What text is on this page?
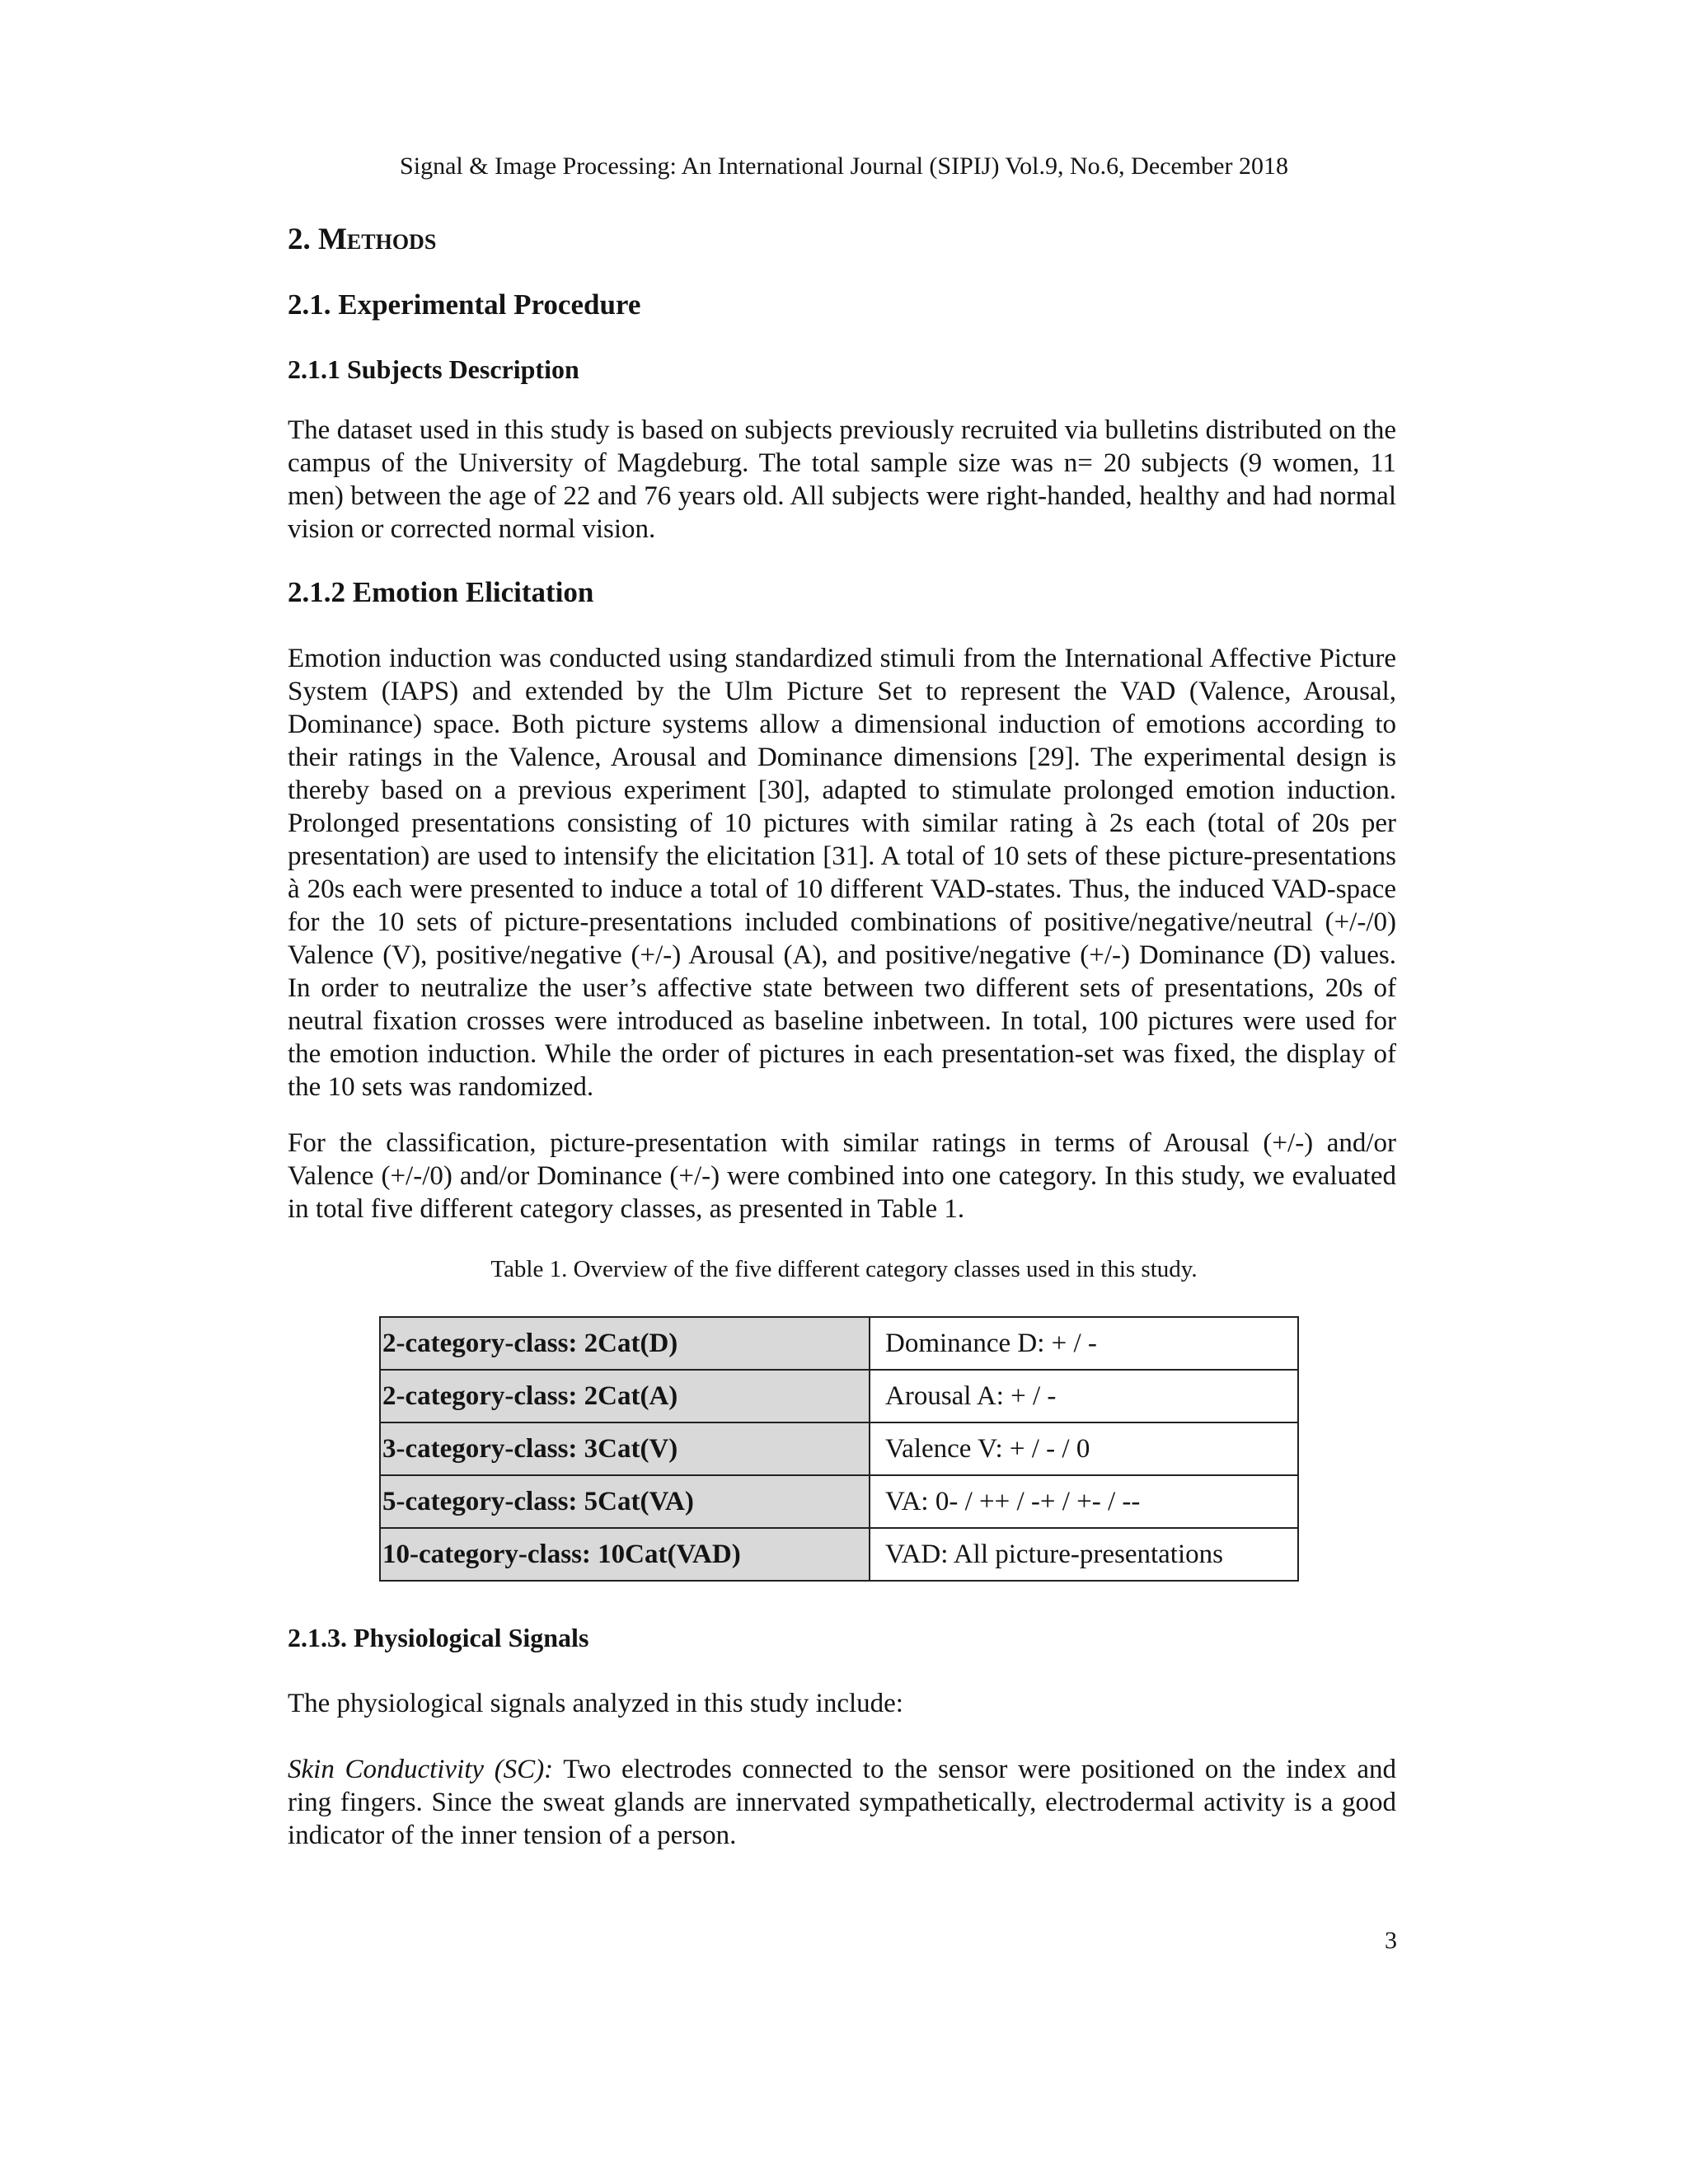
Signal & Image Processing: An International Journal (SIPIJ) Vol.9, No.6, December 2018
2. Methods
2.1. Experimental Procedure
2.1.1 Subjects Description

The dataset used in this study is based on subjects previously recruited via bulletins distributed on the campus of the University of Magdeburg. The total sample size was n= 20 subjects (9 women, 11 men) between the age of 22 and 76 years old. All subjects were right-handed, healthy and had normal vision or corrected normal vision.

2.1.2 Emotion Elicitation

Emotion induction was conducted using standardized stimuli from the International Affective Picture System (IAPS) and extended by the Ulm Picture Set to represent the VAD (Valence, Arousal, Dominance) space. Both picture systems allow a dimensional induction of emotions according to their ratings in the Valence, Arousal and Dominance dimensions [29]. The experimental design is thereby based on a previous experiment [30], adapted to stimulate prolonged emotion induction. Prolonged presentations consisting of 10 pictures with similar rating à 2s each (total of 20s per presentation) are used to intensify the elicitation [31]. A total of 10 sets of these picture-presentations à 20s each were presented to induce a total of 10 different VAD-states. Thus, the induced VAD-space for the 10 sets of picture-presentations included combinations of positive/negative/neutral (+/-/0) Valence (V), positive/negative (+/-) Arousal (A), and positive/negative (+/-) Dominance (D) values. In order to neutralize the user’s affective state between two different sets of presentations, 20s of neutral fixation crosses were introduced as baseline inbetween. In total, 100 pictures were used for the emotion induction. While the order of pictures in each presentation-set was fixed, the display of the 10 sets was randomized.

For the classification, picture-presentation with similar ratings in terms of Arousal (+/-) and/or Valence (+/-/0) and/or Dominance (+/-) were combined into one category. In this study, we evaluated in total five different category classes, as presented in Table 1.

2.1.3. Physiological Signals

The physiological signals analyzed in this study include:

Skin Conductivity (SC): Two electrodes connected to the sensor were positioned on the index and ring fingers. Since the sweat glands are innervated sympathetically, electrodermal activity is a good indicator of the inner tension of a person.

Table 1. Overview of the five different category classes used in this study.
2-category-class: 2Cat(D)	Dominance D: + / -
2-category-class: 2Cat(A)	Arousal A: + / -
3-category-class: 3Cat(V)	Valence V: + / - / 0
5-category-class: 5Cat(VA)	VA: 0- / ++ / -+ / +- / --
10-category-class: 10Cat(VAD)	VAD: All picture-presentations
3
